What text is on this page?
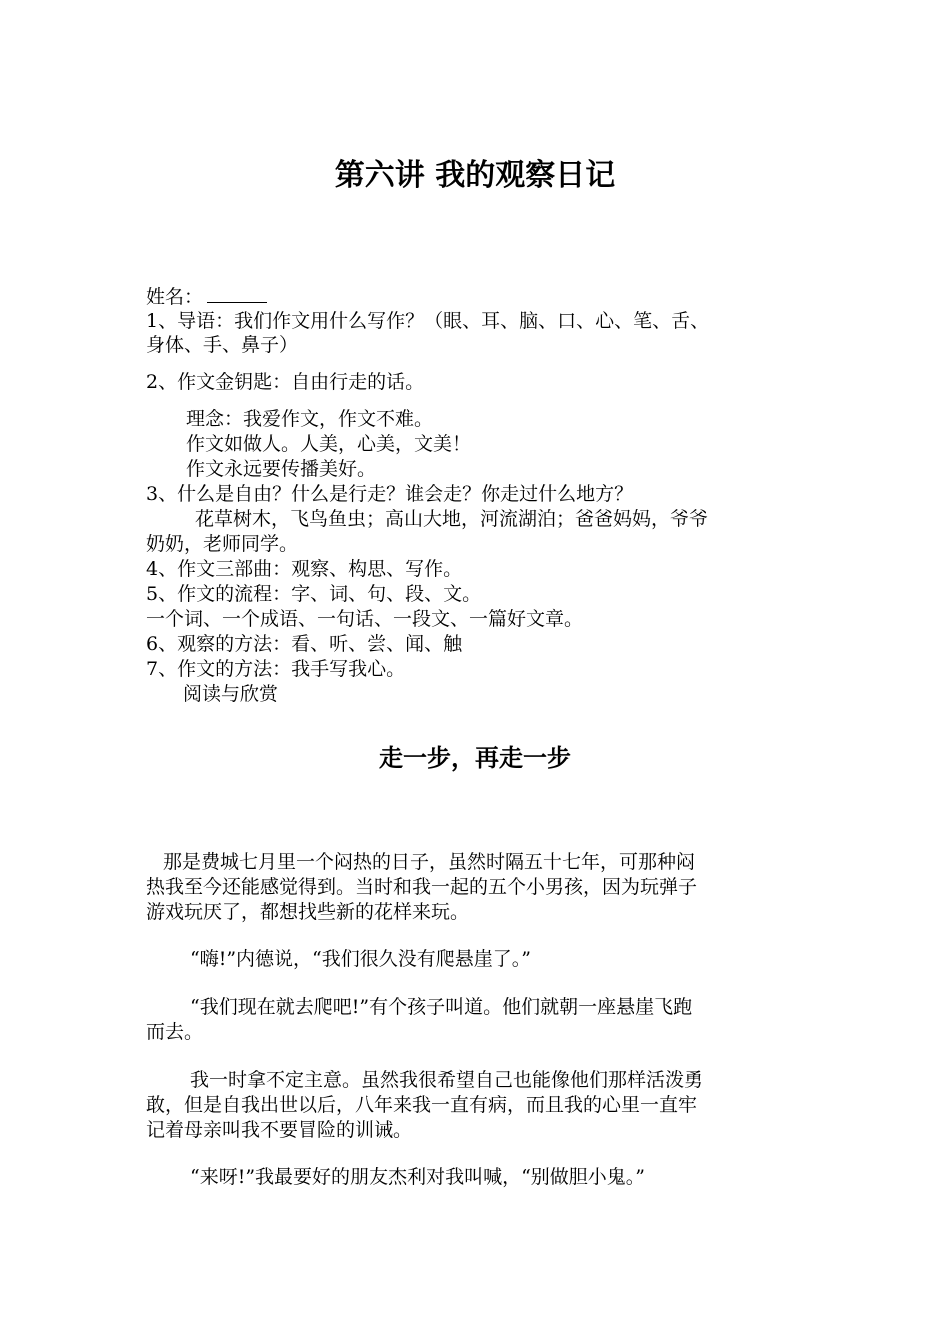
第六讲 我的观察日记

姓名：

1、导语：我们作文用什么写作？（眼、耳、脑、口、心、笔、舌、

身体、手、鼻子）

2、作文金钥匙：自由行走的话。

理念：我爱作文，作文不难。

作文如做人。人美，心美，文美！

作文永远要传播美好。

3、什么是自由？什么是行走？谁会走？你走过什么地方？

花草树木，飞鸟鱼虫；高山大地，河流湖泊；爸爸妈妈，爷爷

奶奶，老师同学。

4、作文三部曲：观察、构思、写作。

5、作文的流程：字、词、句、段、文。

一个词、一个成语、一句话、一段文、一篇好文章。

6、观察的方法：看、听、尝、闻、触

7、作文的方法：我手写我心。

阅读与欣赏

走一步，再走一步

那是费城七月里一个闷热的日子，虽然时隔五十七年，可那种闷

热我至今还能感觉得到。当时和我一起的五个小男孩，因为玩弹子

游戏玩厌了，都想找些新的花样来玩。

“嗨!”内德说，“我们很久没有爬悬崖了。”

“我们现在就去爬吧!”有个孩子叫道。他们就朝一座悬崖飞跑

而去。

我一时拿不定主意。虽然我很希望自己也能像他们那样活泼勇

敢，但是自我出世以后，八年来我一直有病，而且我的心里一直牢

记着母亲叫我不要冒险的训诫。

“来呀!”我最要好的朋友杰利对我叫喊，“别做胆小鬼。”
